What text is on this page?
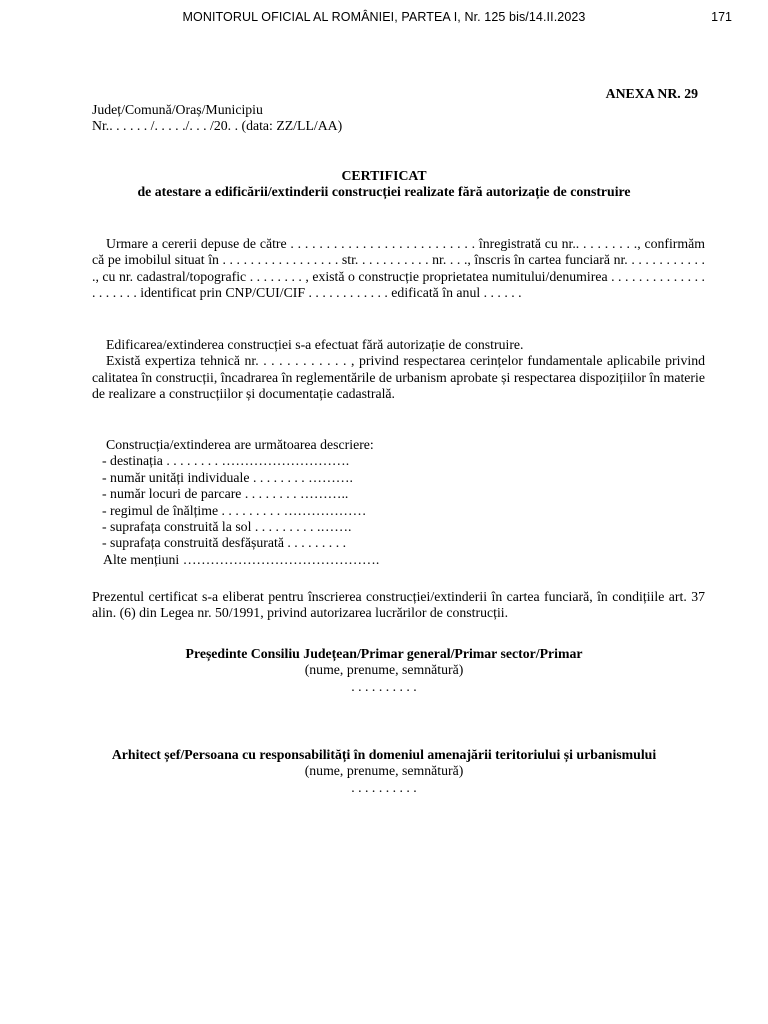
MONITORUL OFICIAL AL ROMÂNIEI, PARTEA I, Nr. 125 bis/14.II.2023	171
ANEXA NR. 29
Județ/Comună/Oraș/Municipiu
Nr.. . . . . . /. . . . ./. . . /20. . (data: ZZ/LL/AA)
CERTIFICAT
de atestare a edificării/extinderii construcției realizate fără autorizație de construire

Urmare a cererii depuse de către . . . . . . . . . . . . . . . . . . . . . . . . . . înregistrată cu nr.. . . . . . . . ., confirmăm că pe imobilul situat în . . . . . . . . . . . . . . . . . str. . . . . . . . . . . nr. . . ., înscris în cartea funciară nr. . . . . . . . . . . . ., cu nr. cadastral/topografic . . . . . . . . , există o construcție proprietatea numitului/denumirea . . . . . . . . . . . . . . . . . . . . . identificat prin CNP/CUI/CIF . . . . . . . . . . . . edificată în anul . . . . . .

Edificarea/extinderea construcției s-a efectuat fără autorizație de construire.

Există expertiza tehnică nr. . . . . . . . . . . . , privind respectarea cerințelor fundamentale aplicabile privind calitatea în construcții, încadrarea în reglementările de urbanism aprobate și respectarea dispozițiilor în materie de realizare a construcțiilor și documentație cadastrală.

Construcția/extinderea are următoarea descriere:
- destinația . . . . . . . . ……………………….
- număr unități individuale . . . . . . . . ……….
- număr locuri de parcare . . . . . . . . ………..
- regimul de înălțime . . . . . . . . . ………………
- suprafața construită la sol . . . . . . . . . .…….
- suprafața construită desfășurată . . . . . . . . .
Alte mențiuni …………………………………….

Prezentul certificat s-a eliberat pentru înscrierea construcției/extinderii în cartea funciară, în condițiile art. 37 alin. (6) din Legea nr. 50/1991, privind autorizarea lucrărilor de construcții.

Președinte Consiliu Județean/Primar general/Primar sector/Primar
(nume, prenume, semnătură)
. . . . . . . . . .
Arhitect șef/Persoana cu responsabilități în domeniul amenajării teritoriului și urbanismului
(nume, prenume, semnătură)
. . . . . . . . . .
